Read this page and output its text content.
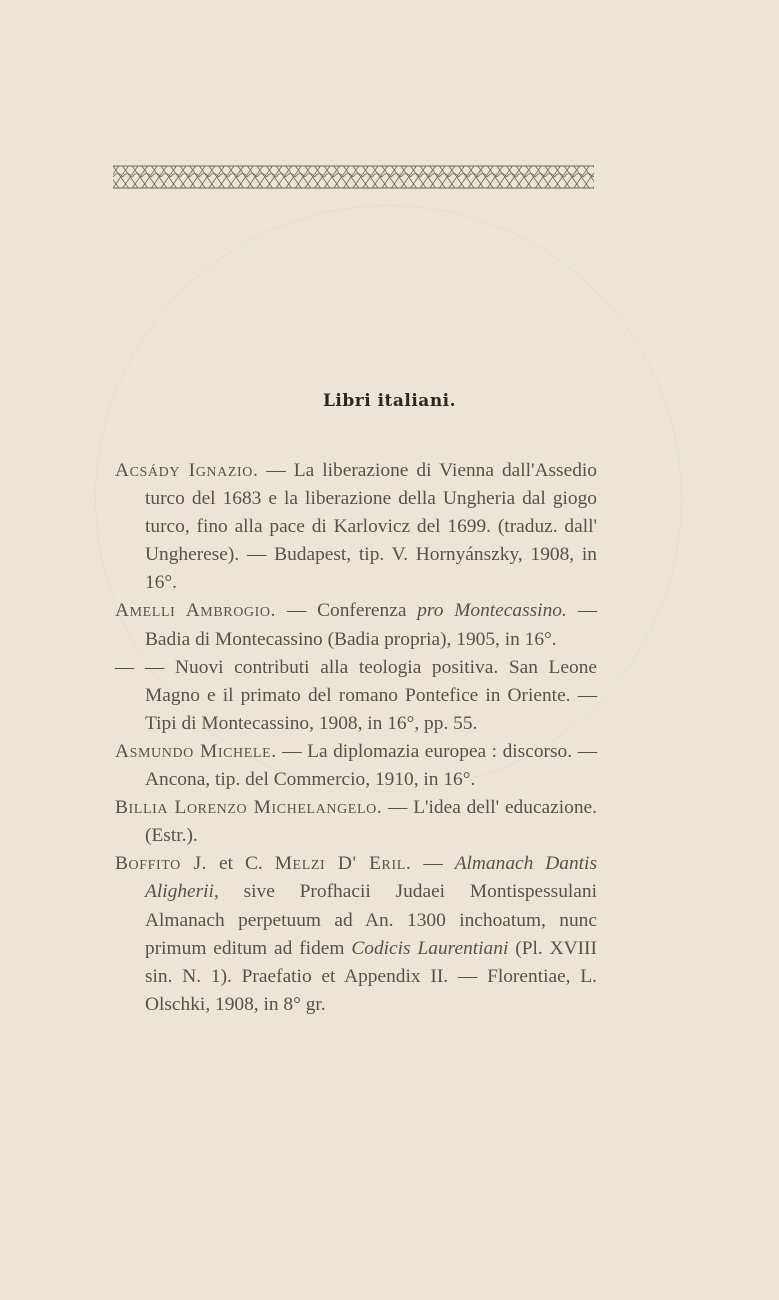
Libri italiani.

Acsády Ignazio. — La liberazione di Vienna dall'Assedio turco del 1683 e la liberazione della Ungheria dal giogo turco, fino alla pace di Karlovicz del 1699. (traduz. dall' Ungherese). — Budapest, tip. V. Hornyánszky, 1908, in 16°.

Amelli Ambrogio. — Conferenza pro Montecassino. — Badia di Montecassino (Badia propria), 1905, in 16°.

— — Nuovi contributi alla teologia positiva. San Leone Magno e il primato del romano Pontefice in Oriente. — Tipi di Montecassino, 1908, in 16°, pp. 55.

Asmundo Michele. — La diplomazia europea : discorso. — Ancona, tip. del Commercio, 1910, in 16°.

Billia Lorenzo Michelangelo. — L'idea dell' educazione. (Estr.).

Boffito J. et C. Melzi D' Eril. — Almanach Dantis Aligherii, sive Profhacii Judaei Montispessulani Almanach perpetuum ad An. 1300 inchoatum, nunc primum editum ad fidem Codicis Laurentiani (Pl. XVIII sin. N. 1). Praefatio et Appendix II. — Florentiae, L. Olschki, 1908, in 8° gr.
